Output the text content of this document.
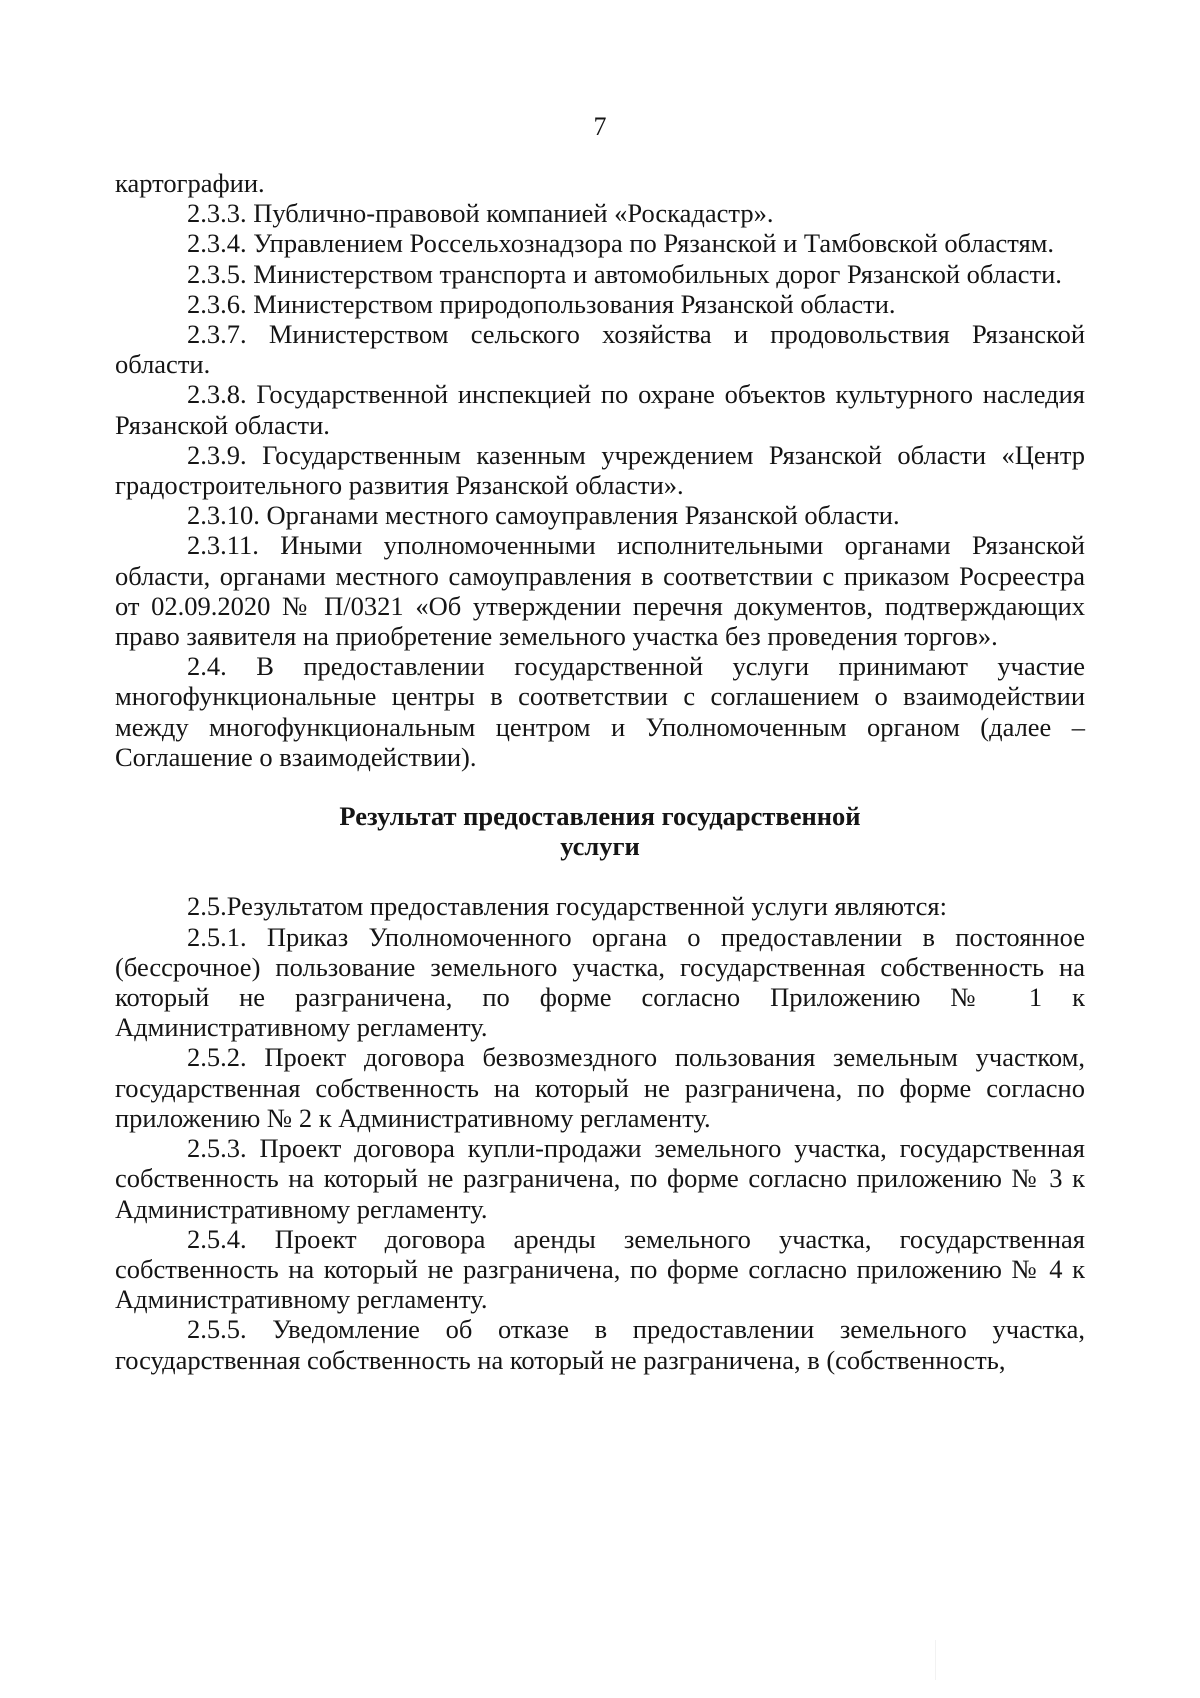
7

картографии.

2.3.3. Публично-правовой компанией «Роскадастр».

2.3.4. Управлением Россельхознадзора по Рязанской и Тамбовской областям.

2.3.5. Министерством транспорта и автомобильных дорог Рязанской области.

2.3.6. Министерством природопользования Рязанской области.

2.3.7. Министерством сельского хозяйства и продовольствия Рязанской области.

2.3.8. Государственной инспекцией по охране объектов культурного наследия Рязанской области.

2.3.9. Государственным казенным учреждением Рязанской области «Центр градостроительного развития Рязанской области».

2.3.10. Органами местного самоуправления Рязанской области.

2.3.11. Иными уполномоченными исполнительными органами Рязанской области, органами местного самоуправления в соответствии с приказом Росреестра от 02.09.2020 № П/0321 «Об утверждении перечня документов, подтверждающих право заявителя на приобретение земельного участка без проведения торгов».

2.4. В предоставлении государственной услуги принимают участие многофункциональные центры в соответствии с соглашением о взаимодействии между многофункциональным центром и Уполномоченным органом (далее – Соглашение о взаимодействии).

Результат предоставления государственной

услуги

2.5.Результатом предоставления государственной услуги являются:

2.5.1. Приказ Уполномоченного органа о предоставлении в постоянное (бессрочное) пользование земельного участка, государственная собственность на который не разграничена, по форме согласно Приложению № 1 к Административному регламенту.

2.5.2. Проект договора безвозмездного пользования земельным участком, государственная собственность на который не разграничена, по форме согласно приложению № 2 к Административному регламенту.

2.5.3. Проект договора купли-продажи земельного участка, государственная собственность на который не разграничена, по форме согласно приложению № 3 к Административному регламенту.

2.5.4. Проект договора аренды земельного участка, государственная собственность на который не разграничена, по форме согласно приложению № 4 к Административному регламенту.

2.5.5. Уведомление об отказе в предоставлении земельного участка, государственная собственность на который не разграничена, в (собственность,
